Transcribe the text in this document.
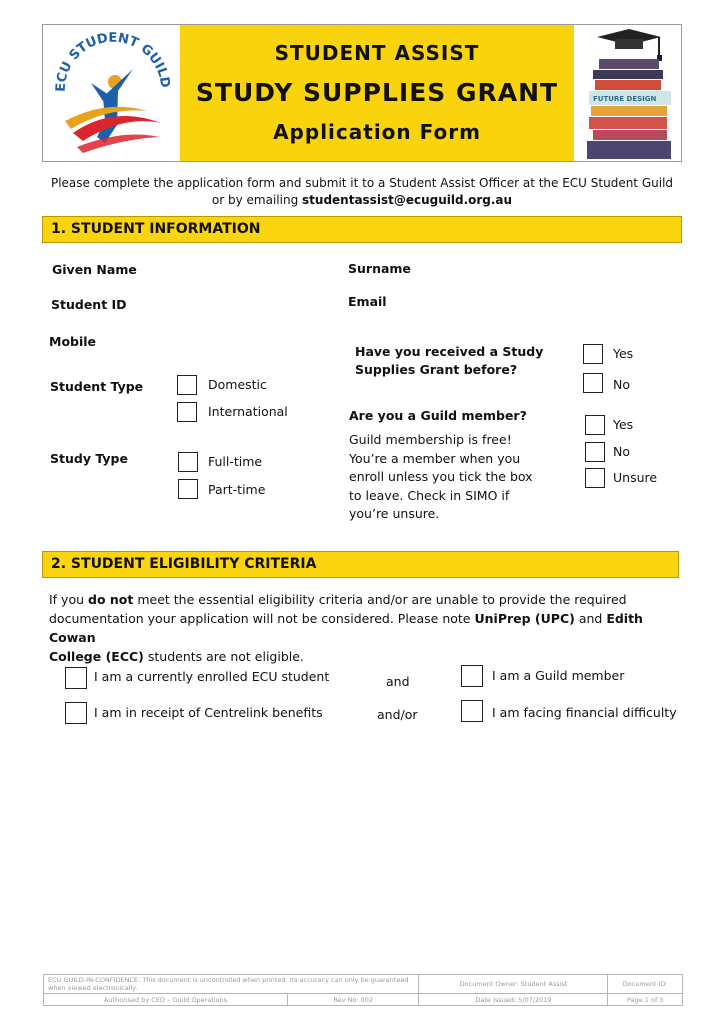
ECU STUDENT GUILD
STUDENT ASSIST
STUDY SUPPLIES GRANT
Application Form
FUTURE DESIGN
Please complete the application form and submit it to a Student Assist Officer at the ECU Student Guild
or by emailing studentassist@ecuguild.org.au
1. STUDENT INFORMATION
Given Name	Surname
Student ID	Email
Mobile
Student Type	Domestic
International
Study Type	Full-time
Part-time
Have you received a Study
Supplies Grant before?
Yes
No
Are you a Guild member?
Guild membership is free!
You’re a member when you
enroll unless you tick the box
to leave. Check in SIMO if
you’re unsure.
Yes
No
Unsure
2. STUDENT ELIGIBILITY CRITERIA
If you do not meet the essential eligibility criteria and/or are unable to provide the required
documentation your application will not be considered. Please note UniPrep (UPC) and Edith Cowan
College (ECC) students are not eligible.
I am a currently enrolled ECU student	and	I am a Guild member
I am in receipt of Centrelink benefits	and/or	I am facing financial difficulty
ECU GUILD-IN-CONFIDENCE: This document is uncontrolled when printed. Its accuracy can only be guaranteed when viewed electronically.		Document Owner: Student Assist	Document ID:
Authorised by CEO – Guild Operations	Rev No: 002	Date Issued: 5/07/2019	Page 1 of 3
